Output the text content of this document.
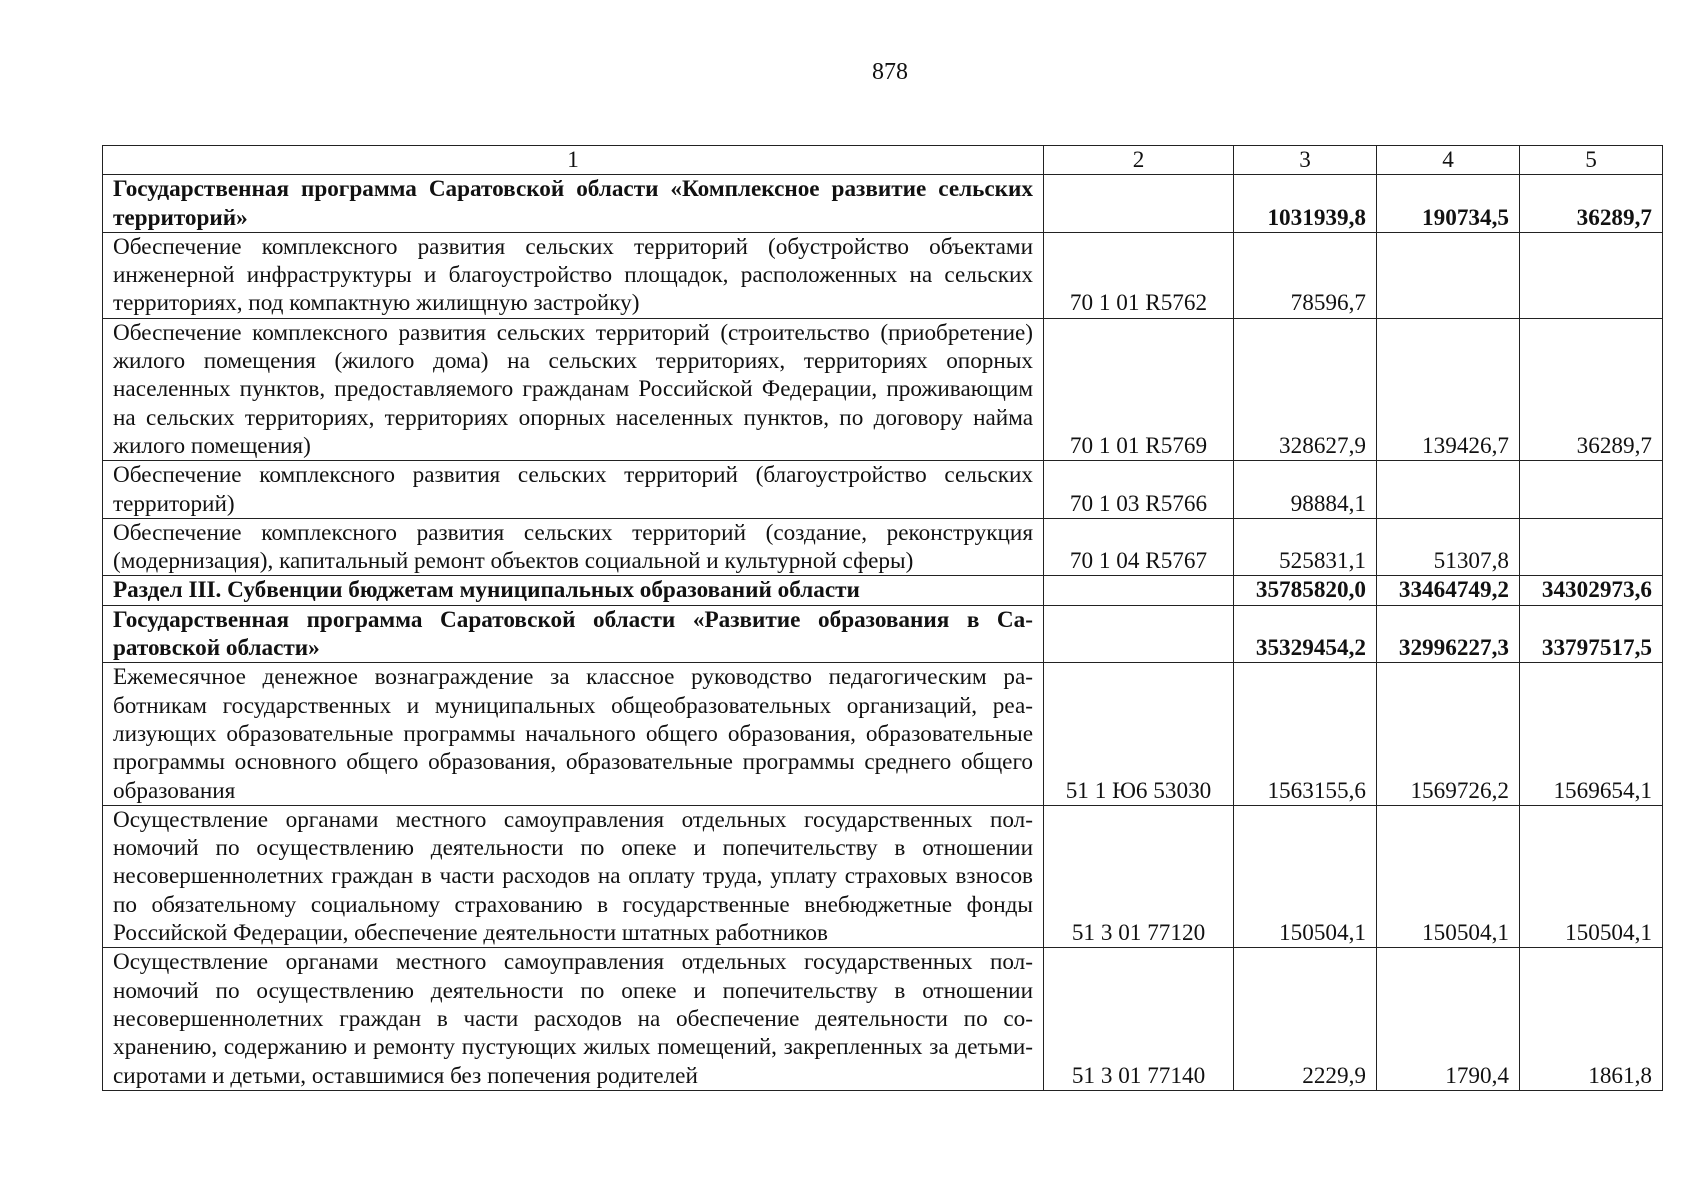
878
1	2	3	4	5
Государственная программа Саратовской области «Комплексное развитие сельских территорий»		1031939,8	190734,5	36289,7
Обеспечение комплексного развития сельских территорий (обустройство объектами инженерной инфраструктуры и благоустройство площадок, расположенных на сельских территориях, под компактную жилищную застройку)	70 1 01 R5762	78596,7		
Обеспечение комплексного развития сельских территорий (строительство (приобретение) жилого помещения (жилого дома) на сельских территориях, территориях опорных населенных пунктов, предоставляемого гражданам Российской Федерации, проживающим на сельских территориях, территориях опорных населенных пунктов, по договору найма жилого помещения)	70 1 01 R5769	328627,9	139426,7	36289,7
Обеспечение комплексного развития сельских территорий (благоустройство сельских территорий)	70 1 03 R5766	98884,1		
Обеспечение комплексного развития сельских территорий (создание, реконструкция (модернизация), капитальный ремонт объектов социальной и культурной сферы)	70 1 04 R5767	525831,1	51307,8	
Раздел III. Субвенции бюджетам муниципальных образований области		35785820,0	33464749,2	34302973,6
Государственная программа Саратовской области «Развитие образования в Саратовской области»		35329454,2	32996227,3	33797517,5
Ежемесячное денежное вознаграждение за классное руководство педагогическим работникам государственных и муниципальных общеобразовательных организаций, реализующих образовательные программы начального общего образования, образовательные программы основного общего образования, образовательные программы среднего общего образования	51 1 Ю6 53030	1563155,6	1569726,2	1569654,1
Осуществление органами местного самоуправления отдельных государственных полномочий по осуществлению деятельности по опеке и попечительству в отношении несовершеннолетних граждан в части расходов на оплату труда, уплату страховых взносов по обязательному социальному страхованию в государственные внебюджетные фонды Российской Федерации, обеспечение деятельности штатных работников	51 3 01 77120	150504,1	150504,1	150504,1
Осуществление органами местного самоуправления отдельных государственных полномочий по осуществлению деятельности по опеке и попечительству в отношении несовершеннолетних граждан в части расходов на обеспечение деятельности по сохранению, содержанию и ремонту пустующих жилых помещений, закрепленных за детьми-сиротами и детьми, оставшимися без попечения родителей	51 3 01 77140	2229,9	1790,4	1861,8
